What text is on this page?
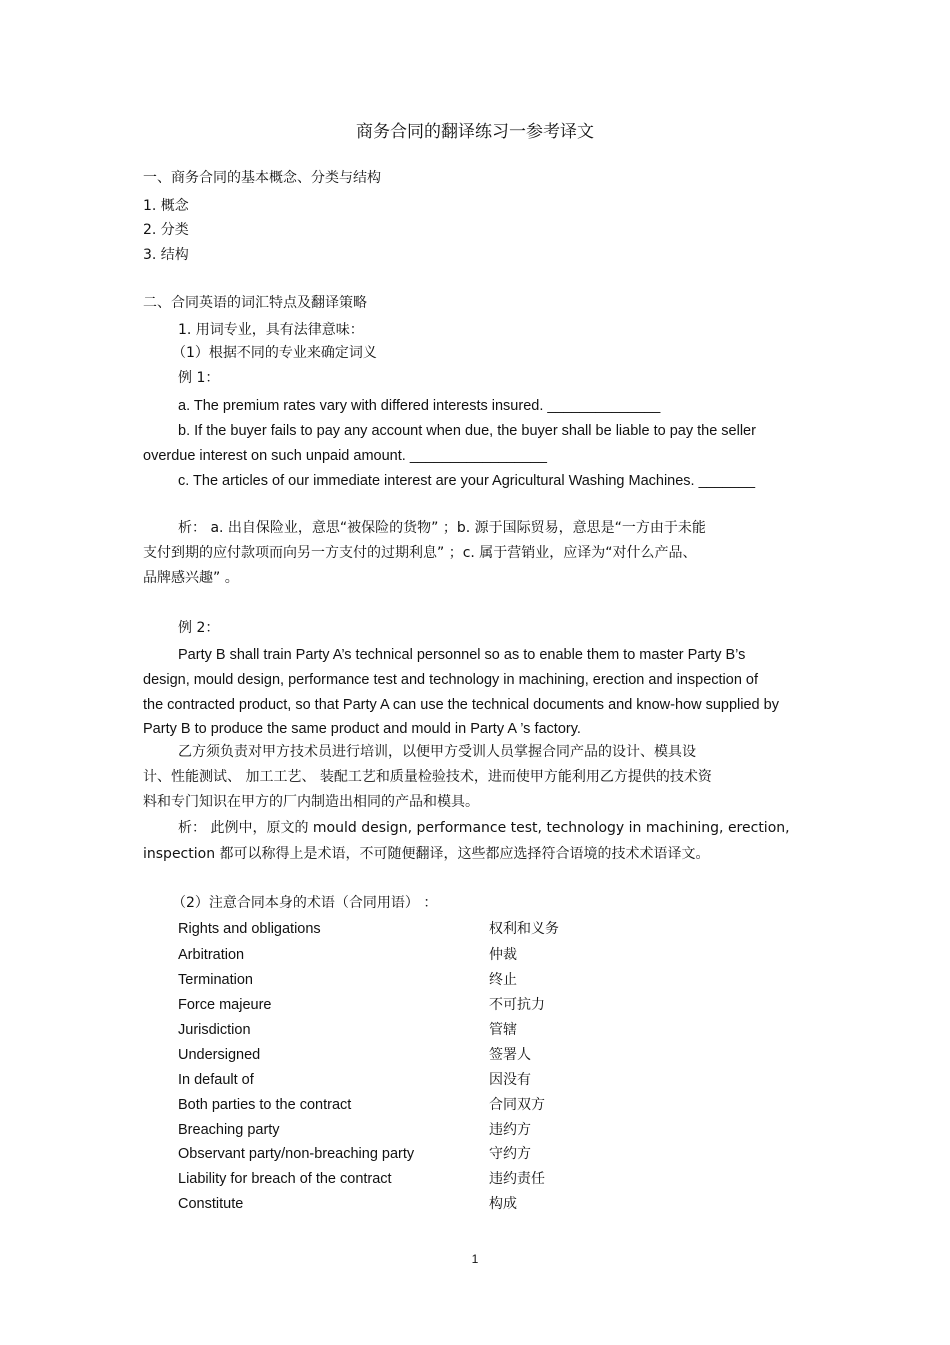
商务合同的翻译练习一参考译文
一、商务合同的基本概念、分类与结构
1. 概念
2. 分类
3. 结构
二、合同英语的词汇特点及翻译策略
1. 用词专业，具有法律意味：
（1）根据不同的专业来确定词义
例 1：
a. The premium rates vary with differed interests insured. ______________
b. If the buyer fails to pay any account when due, the buyer shall be liable to pay the seller
overdue interest on such unpaid amount. _________________
c. The articles of our immediate interest are your Agricultural Washing Machines. _______
析： a. 出自保险业，意思“被保险的货物” ；b. 源于国际贸易，意思是“一方由于未能
支付到期的应付款项而向另一方支付的过期利息” ；c. 属于营销业，应译为“对什么产品、
品牌感兴趣” 。
例 2：
Party B shall train Party A’s technical personnel so as to enable them to master Party B’s
design, mould design, performance test and technology in machining, erection and inspection of
the contracted product, so that Party A can use the technical documents and know-how supplied by
Party B to produce the same product and mould in Party A ’s factory.
乙方须负责对甲方技术员进行培训，以便甲方受训人员掌握合同产品的设计、模具设
计、性能测试、 加工工艺、 装配工艺和质量检验技术，进而使甲方能利用乙方提供的技术资
料和专门知识在甲方的厂内制造出相同的产品和模具。
析： 此例中，原文的 mould design, performance test, technology in machining, erection,
inspection 都可以称得上是术语，不可随便翻译，这些都应选择符合语境的技术术语译文。
（2）注意合同本身的术语（合同用语） ：
Rights and obligations	权利和义务
Arbitration	仲裁
Termination	终止
Force majeure	不可抗力
Jurisdiction	管辖
Undersigned	签署人
In default of	因没有
Both parties to the contract	合同双方
Breaching party	违约方
Observant party/non-breaching party	守约方
Liability for breach of the contract	违约责任
Constitute	构成
1
